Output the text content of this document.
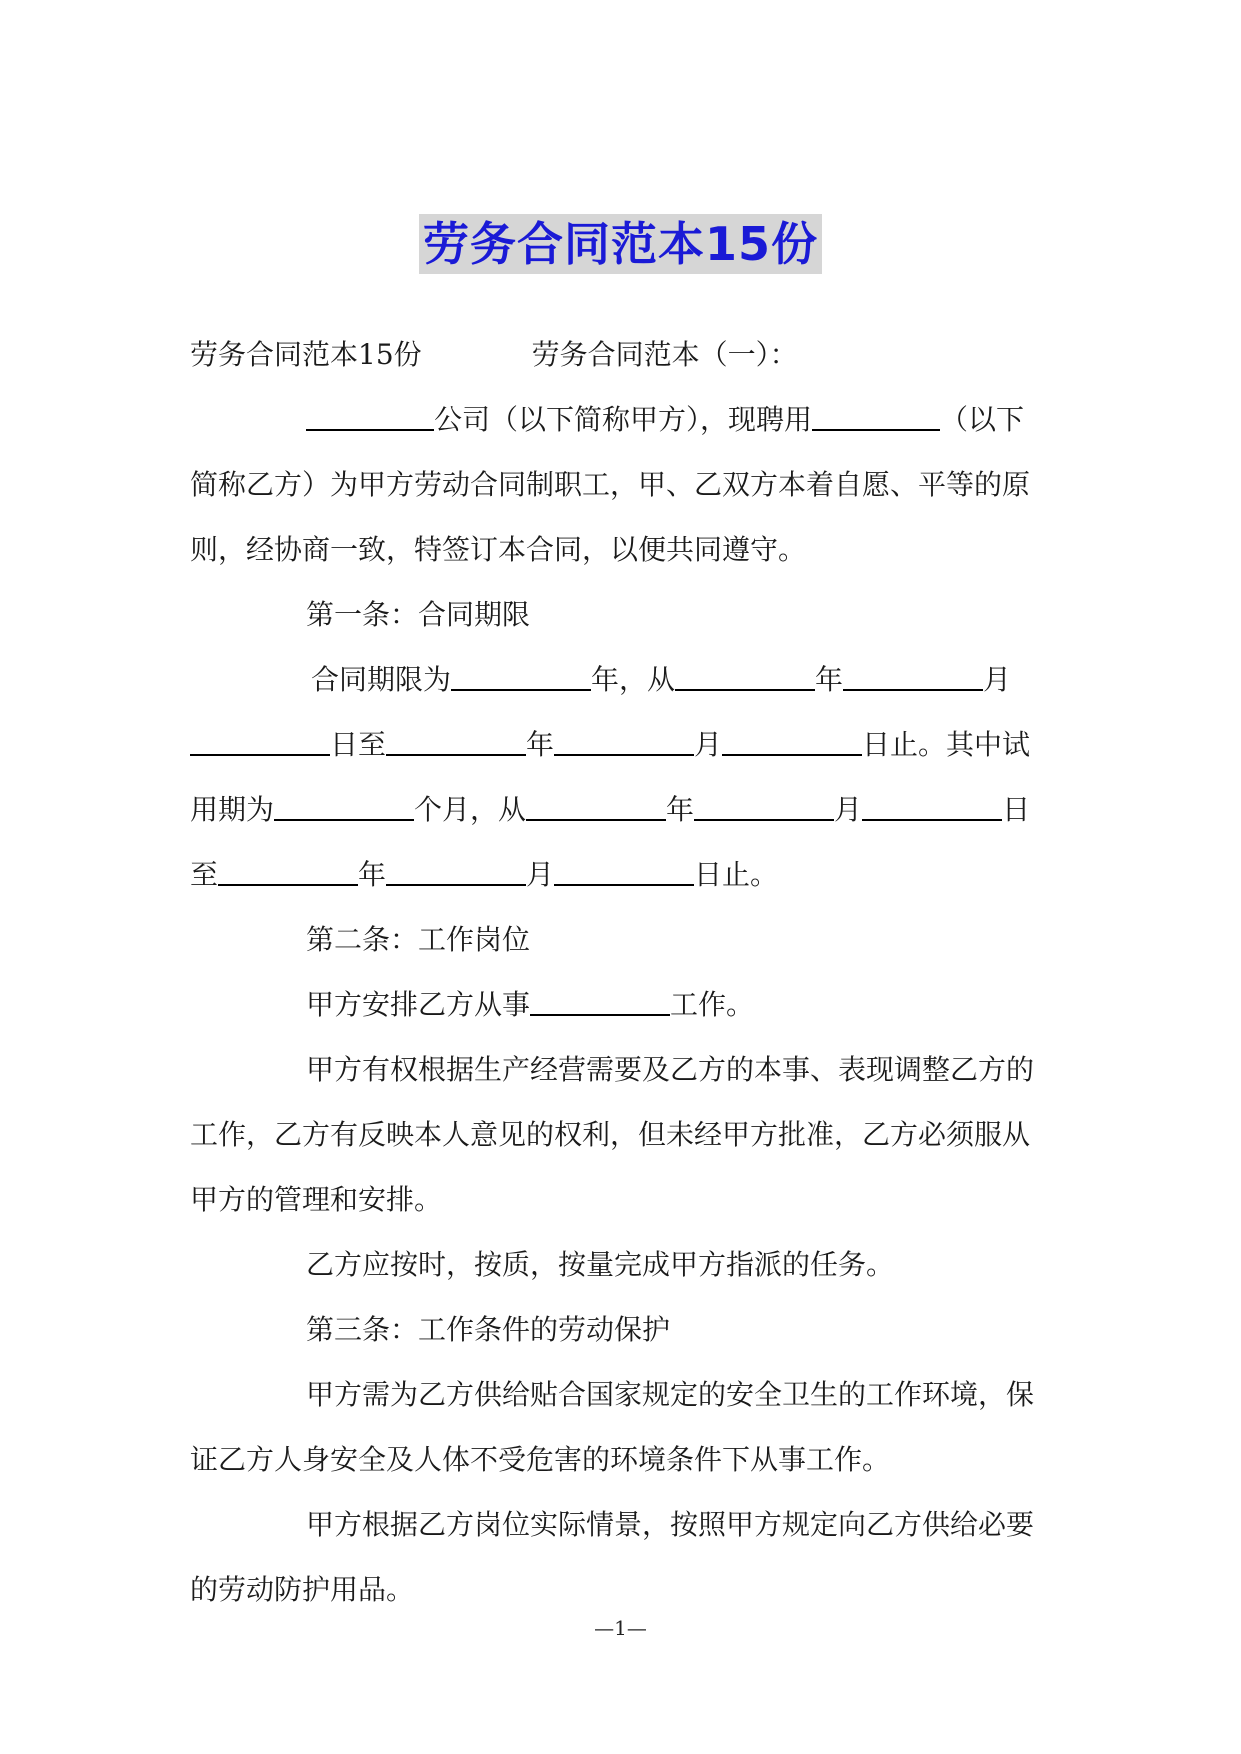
劳务合同范本15份
劳务合同范本15份	劳务合同范本（一）：
公司（以下简称甲方），现聘用	（以下
简称乙方）为甲方劳动合同制职工，甲、乙双方本着自愿、平等的原
则，经协商一致，特签订本合同，以便共同遵守。
第一条：合同期限
合同期限为	年，从	年	月
日至	年	月	日止。其中试
用期为	个月，从	年	月	日
至	年	月	日止。
第二条：工作岗位
甲方安排乙方从事	工作。
甲方有权根据生产经营需要及乙方的本事、表现调整乙方的
工作，乙方有反映本人意见的权利，但未经甲方批准，乙方必须服从
甲方的管理和安排。
乙方应按时，按质，按量完成甲方指派的任务。
第三条：工作条件的劳动保护
甲方需为乙方供给贴合国家规定的安全卫生的工作环境，保
证乙方人身安全及人体不受危害的环境条件下从事工作。
甲方根据乙方岗位实际情景，按照甲方规定向乙方供给必要
的劳动防护用品。
—1—
